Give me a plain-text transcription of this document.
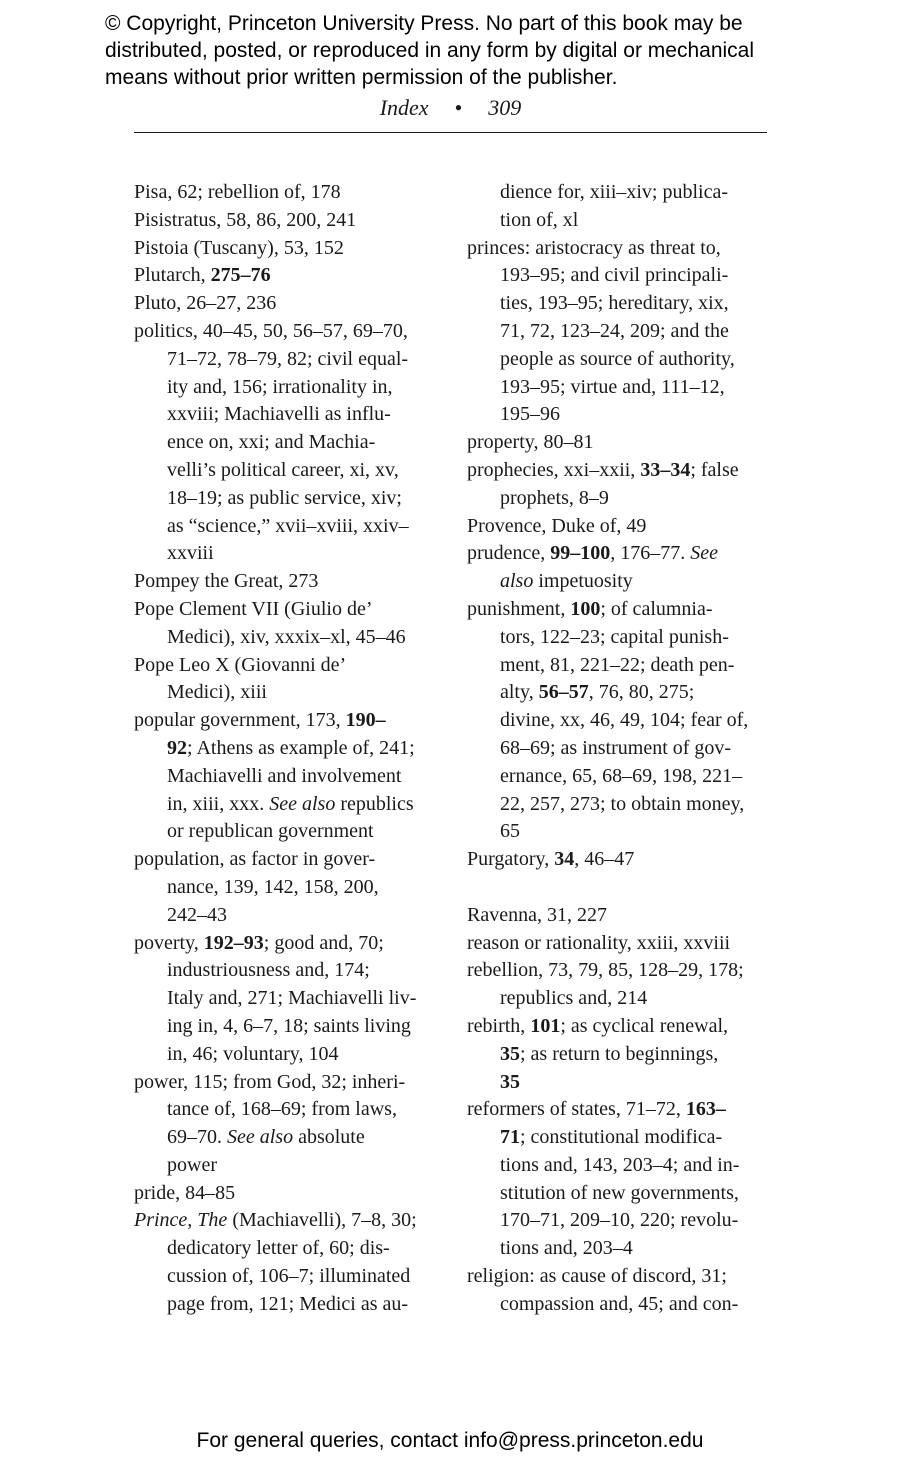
© Copyright, Princeton University Press. No part of this book may be
distributed, posted, or reproduced in any form by digital or mechanical
means without prior written permission of the publisher.
Index • 309
Pisa, 62; rebellion of, 178
Pisistratus, 58, 86, 200, 241
Pistoia (Tuscany), 53, 152
Plutarch, 275–76
Pluto, 26–27, 236
politics, 40–45, 50, 56–57, 69–70,
71–72, 78–79, 82; civil equal-
ity and, 156; irrationality in,
xxviii; Machiavelli as influ-
ence on, xxi; and Machia-
velli’s political career, xi, xv,
18–19; as public service, xiv;
as “science,” xvii–xviii, xxiv–
xxviii
Pompey the Great, 273
Pope Clement VII (Giulio de’
Medici), xiv, xxxix–xl, 45–46
Pope Leo X (Giovanni de’
Medici), xiii
popular government, 173, 190–
92; Athens as example of, 241;
Machiavelli and involvement
in, xiii, xxx. See also republics
or republican government
population, as factor in gover-
nance, 139, 142, 158, 200,
242–43
poverty, 192–93; good and, 70;
industriousness and, 174;
Italy and, 271; Machiavelli liv-
ing in, 4, 6–7, 18; saints living
in, 46; voluntary, 104
power, 115; from God, 32; inheri-
tance of, 168–69; from laws,
69–70. See also absolute
power
pride, 84–85
Prince, The (Machiavelli), 7–8, 30;
dedicatory letter of, 60; dis-
cussion of, 106–7; illuminated
page from, 121; Medici as au-
dience for, xiii–xiv; publica-
tion of, xl
princes: aristocracy as threat to,
193–95; and civil principali-
ties, 193–95; hereditary, xix,
71, 72, 123–24, 209; and the
people as source of authority,
193–95; virtue and, 111–12,
195–96
property, 80–81
prophecies, xxi–xxii, 33–34; false
prophets, 8–9
Provence, Duke of, 49
prudence, 99–100, 176–77. See
also impetuosity
punishment, 100; of calumnia-
tors, 122–23; capital punish-
ment, 81, 221–22; death pen-
alty, 56–57, 76, 80, 275;
divine, xx, 46, 49, 104; fear of,
68–69; as instrument of gov-
ernance, 65, 68–69, 198, 221–
22, 257, 273; to obtain money,
65
Purgatory, 34, 46–47
Ravenna, 31, 227
reason or rationality, xxiii, xxviii
rebellion, 73, 79, 85, 128–29, 178;
republics and, 214
rebirth, 101; as cyclical renewal,
35; as return to beginnings,
35
reformers of states, 71–72, 163–
71; constitutional modifica-
tions and, 143, 203–4; and in-
stitution of new governments,
170–71, 209–10, 220; revolu-
tions and, 203–4
religion: as cause of discord, 31;
compassion and, 45; and con-
For general queries, contact info@press.princeton.edu
